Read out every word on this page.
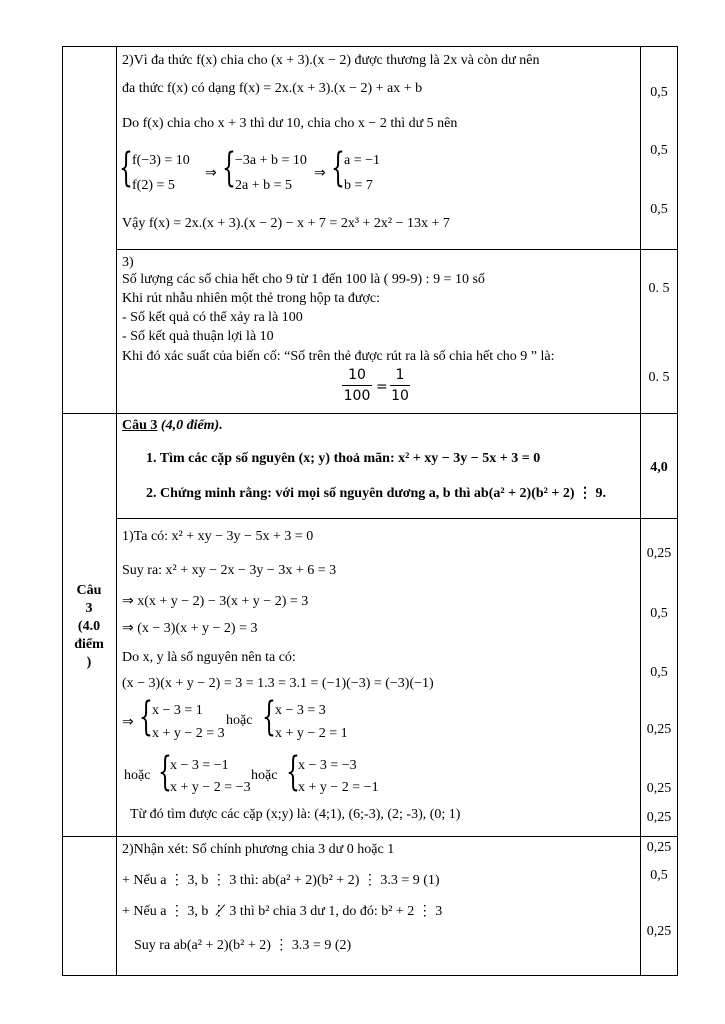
2)Vì đa thức f(x) chia cho (x + 3).(x − 2) được thương là 2x và còn dư nên
đa thức f(x) có dạng f(x) = 2x.(x + 3).(x − 2) + ax + b
Do f(x) chia cho x + 3 thì dư 10, chia cho x − 2 thì dư 5 nên
{ f(−3) = 10
f(2) = 5
⇒ { −3a + b = 10
2a + b = 5
⇒ { a = −1
b = 7
Vậy f(x) = 2x.(x + 3).(x − 2) − x + 7 = 2x³ + 2x² − 13x + 7
0,5
0,5
0,5
3)
Số lượng các số chia hết cho 9 từ 1 đến 100 là ( 99-9) : 9 = 10 số
Khi rút nhẫu nhiên một thẻ trong hộp ta được:
- Số kết quả có thể xảy ra là 100
- Số kết quả thuận lợi là 10
Khi đó xác suất của biến cố: “Số trên thẻ được rút ra là số chia hết cho 9 ” là:
10
100
=
1
10
0. 5
0. 5
Câu
3
(4.0
điểm
)
Câu 3 (4,0 điểm).
1. Tìm các cặp số nguyên (x; y) thoả mãn: x² + xy − 3y − 5x + 3 = 0
2. Chứng minh rằng: với mọi số nguyên dương a, b thì ab(a² + 2)(b² + 2) ⋮ 9.
4,0
1)Ta có: x² + xy − 3y − 5x + 3 = 0
Suy ra: x² + xy − 2x − 3y − 3x + 6 = 3
⇒ x(x + y − 2) − 3(x + y − 2) = 3
⇒ (x − 3)(x + y − 2) = 3
Do x, y là số nguyên nên ta có:
(x − 3)(x + y − 2) = 3 = 1.3 = 3.1 = (−1)(−3) = (−3)(−1)
⇒ { x − 3 = 1
x + y − 2 = 3
hoặc { x − 3 = 3
x + y − 2 = 1
hoặc {
x − 3 = −1
x + y − 2 = −3
hoặc {
x − 3 = −3
x + y − 2 = −1
Từ đó tìm được các cặp (x;y) là: (4;1), (6;-3), (2; -3), (0; 1)
0,25
0,5
0,5
0,25
0,25
0,25
2)Nhận xét: Số chính phương chia 3 dư 0 hoặc 1
+ Nếu a ⋮ 3, b ⋮ 3 thì: ab(a² + 2)(b² + 2) ⋮ 3.3 = 9 (1)
+ Nếu a ⋮ 3, b ⋮̸ 3 thì b² chia 3 dư 1, do đó: b² + 2 ⋮ 3
Suy ra ab(a² + 2)(b² + 2) ⋮ 3.3 = 9 (2)
0,25
0,5
0,25
